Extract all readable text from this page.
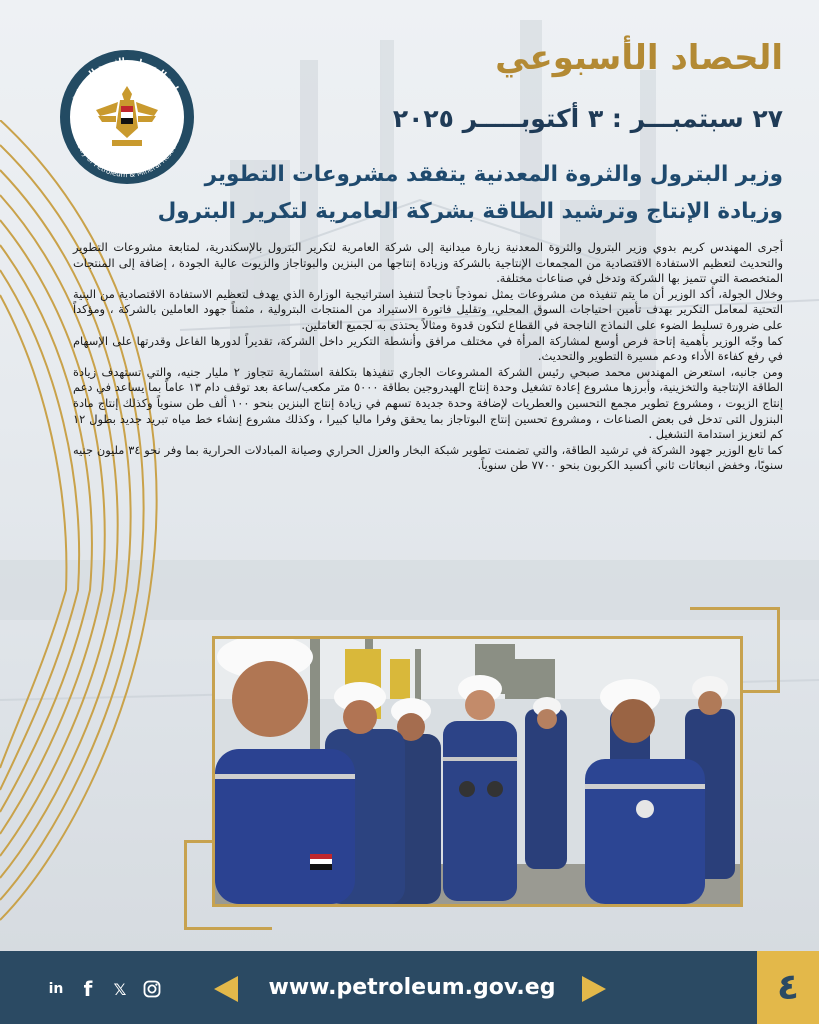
وزارة البترول والثروة المعدنية
Ministry of Petroleum & Mineral Resources
الحصاد الأسبوعي
٢٧ سبتمبـــر : ٣ أكتوبـــــر ٢٠٢٥
وزير البترول والثروة المعدنية يتفقد مشروعات التطوير
وزيادة الإنتاج وترشيد الطاقة بشركة العامرية لتكرير البترول

أجرى المهندس كريم بدوي وزير البترول والثروة المعدنية زيارة ميدانية إلى شركة العامرية لتكرير البترول بالإسكندرية، لمتابعة مشروعات التطوير والتحديث لتعظيم الاستفادة الاقتصادية من المجمعات الإنتاجية بالشركة وزيادة إنتاجها من البنزين والبوتاجاز والزيوت عالية الجودة ، إضافة إلى المنتجات المتخصصة التي تتميز بها الشركة وتدخل في صناعات مختلفة.

وخلال الجولة، أكد الوزير أن ما يتم تنفيذه من مشروعات يمثل نموذجاً ناجحاً لتنفيذ استراتيجية الوزارة الذي يهدف لتعظيم الاستفادة الاقتصادية من البنية التحتية لمعامل التكرير بهدف تأمين احتياجات السوق المحلي، وتقليل فاتورة الاستيراد من المنتجات البترولية ، مثمناً جهود العاملين بالشركة ، ومؤكداً على ضرورة تسليط الضوء على النماذج الناجحة في القطاع لتكون قدوة ومثالاً يحتذى به لجميع العاملين.

كما وجّه الوزير بأهمية إتاحة فرص أوسع لمشاركة المرأة في مختلف مرافق وأنشطة التكرير داخل الشركة، تقديراً لدورها الفاعل وقدرتها على الإسهام في رفع كفاءة الأداء ودعم مسيرة التطوير والتحديث.

ومن جانبه، استعرض المهندس محمد صبحي رئيس الشركة المشروعات الجاري تنفيذها بتكلفة استثمارية تتجاوز ٢ مليار جنيه، والتي تستهدف زيادة الطاقة الإنتاجية والتخزينية، وأبرزها مشروع إعادة تشغيل وحدة إنتاج الهيدروجين بطاقة ٥٠٠٠ متر مكعب/ساعة بعد توقف دام ١٣ عاماً بما يساعد في دعم إنتاج الزيوت ، ومشروع تطوير مجمع التحسين والعطريات لإضافة وحدة جديدة تسهم في زيادة إنتاج البنزين بنحو ١٠٠ ألف طن سنوياً وكذلك إنتاج مادة البنزول التى تدخل فى بعض الصناعات ، ومشروع تحسين إنتاج البوتاجاز بما يحقق وفرا ماليا كبيرا ، وكذلك مشروع إنشاء خط مياه تبريد جديد بطول ١٢ كم لتعزيز استدامة التشغيل .

كما تابع الوزير جهود الشركة في ترشيد الطاقة، والتي تضمنت تطوير شبكة البخار والعزل الحراري وصيانة المبادلات الحرارية بما وفر نحو ٣٤ مليون جنيه سنويًا، وخفض انبعاثات ثاني أكسيد الكربون بنحو ٧٧٠٠ طن سنوياً.

in	f	𝕏	www.petroleum.gov.eg	٤
